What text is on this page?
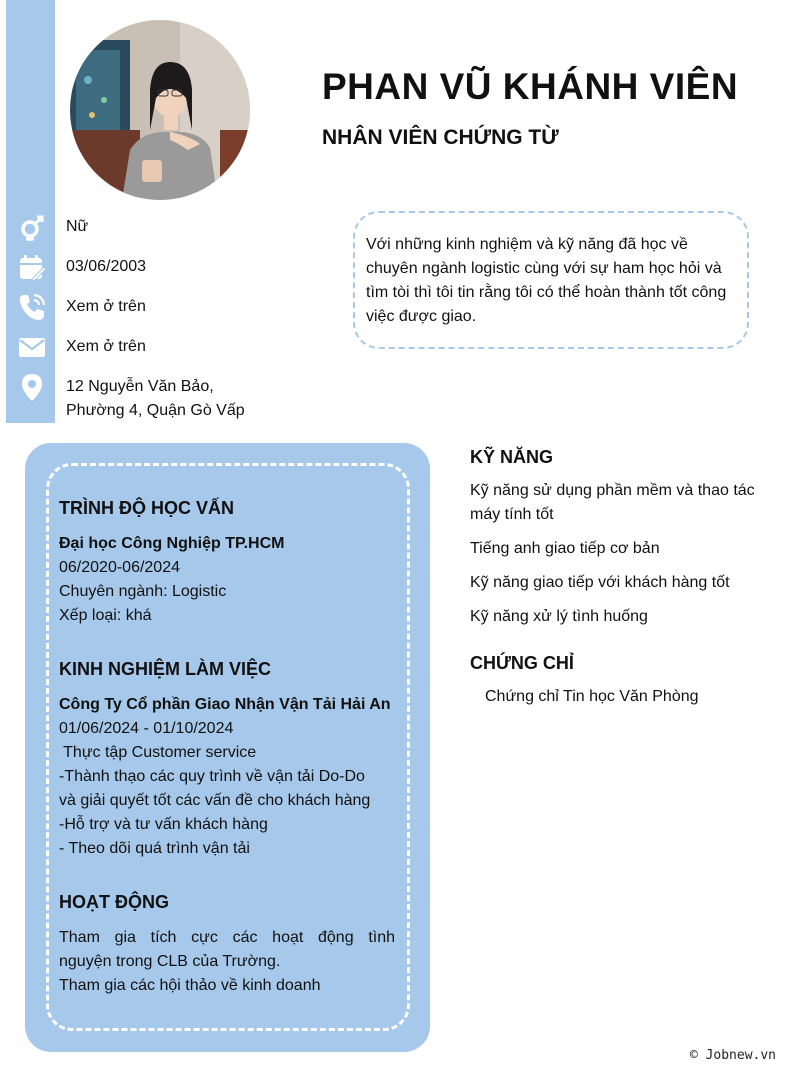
PHAN VŨ KHÁNH VIÊN
NHÂN VIÊN CHỨNG TỪ
Nữ
03/06/2003
Xem ở trên
Xem ở trên
12 Nguyễn Văn Bảo,
Phường 4, Quận Gò Vấp
Với những kinh nghiệm và kỹ năng đã học về chuyên ngành logistic cùng với sự ham học hỏi và tìm tòi thì tôi tin rằng tôi có thể hoàn thành tốt công việc được giao.
TRÌNH ĐỘ HỌC VẤN
Đại học Công Nghiệp TP.HCM
06/2020-06/2024
Chuyên ngành: Logistic
Xếp loại: khá
KINH NGHIỆM LÀM VIỆC
Công Ty Cổ phần Giao Nhận Vận Tải Hải An
01/06/2024 - 01/10/2024
Thực tập Customer service
-Thành thạo các quy trình về vận tải Do-Do
và giải quyết tốt các vấn đề cho khách hàng
-Hỗ trợ và tư vấn khách hàng
- Theo dõi quá trình vận tải
HOẠT ĐỘNG
Tham gia tích cực các hoạt động tình
nguyện trong CLB của Trường.
Tham gia các hội thảo về kinh doanh
KỸ NĂNG
Kỹ năng sử dụng phần mềm và thao tác máy tính tốt
Tiếng anh giao tiếp cơ bản
Kỹ năng giao tiếp với khách hàng tốt
Kỹ năng xử lý tình huống
CHỨNG CHỈ
Chứng chỉ Tin học Văn Phòng
© Jobnew.vn
